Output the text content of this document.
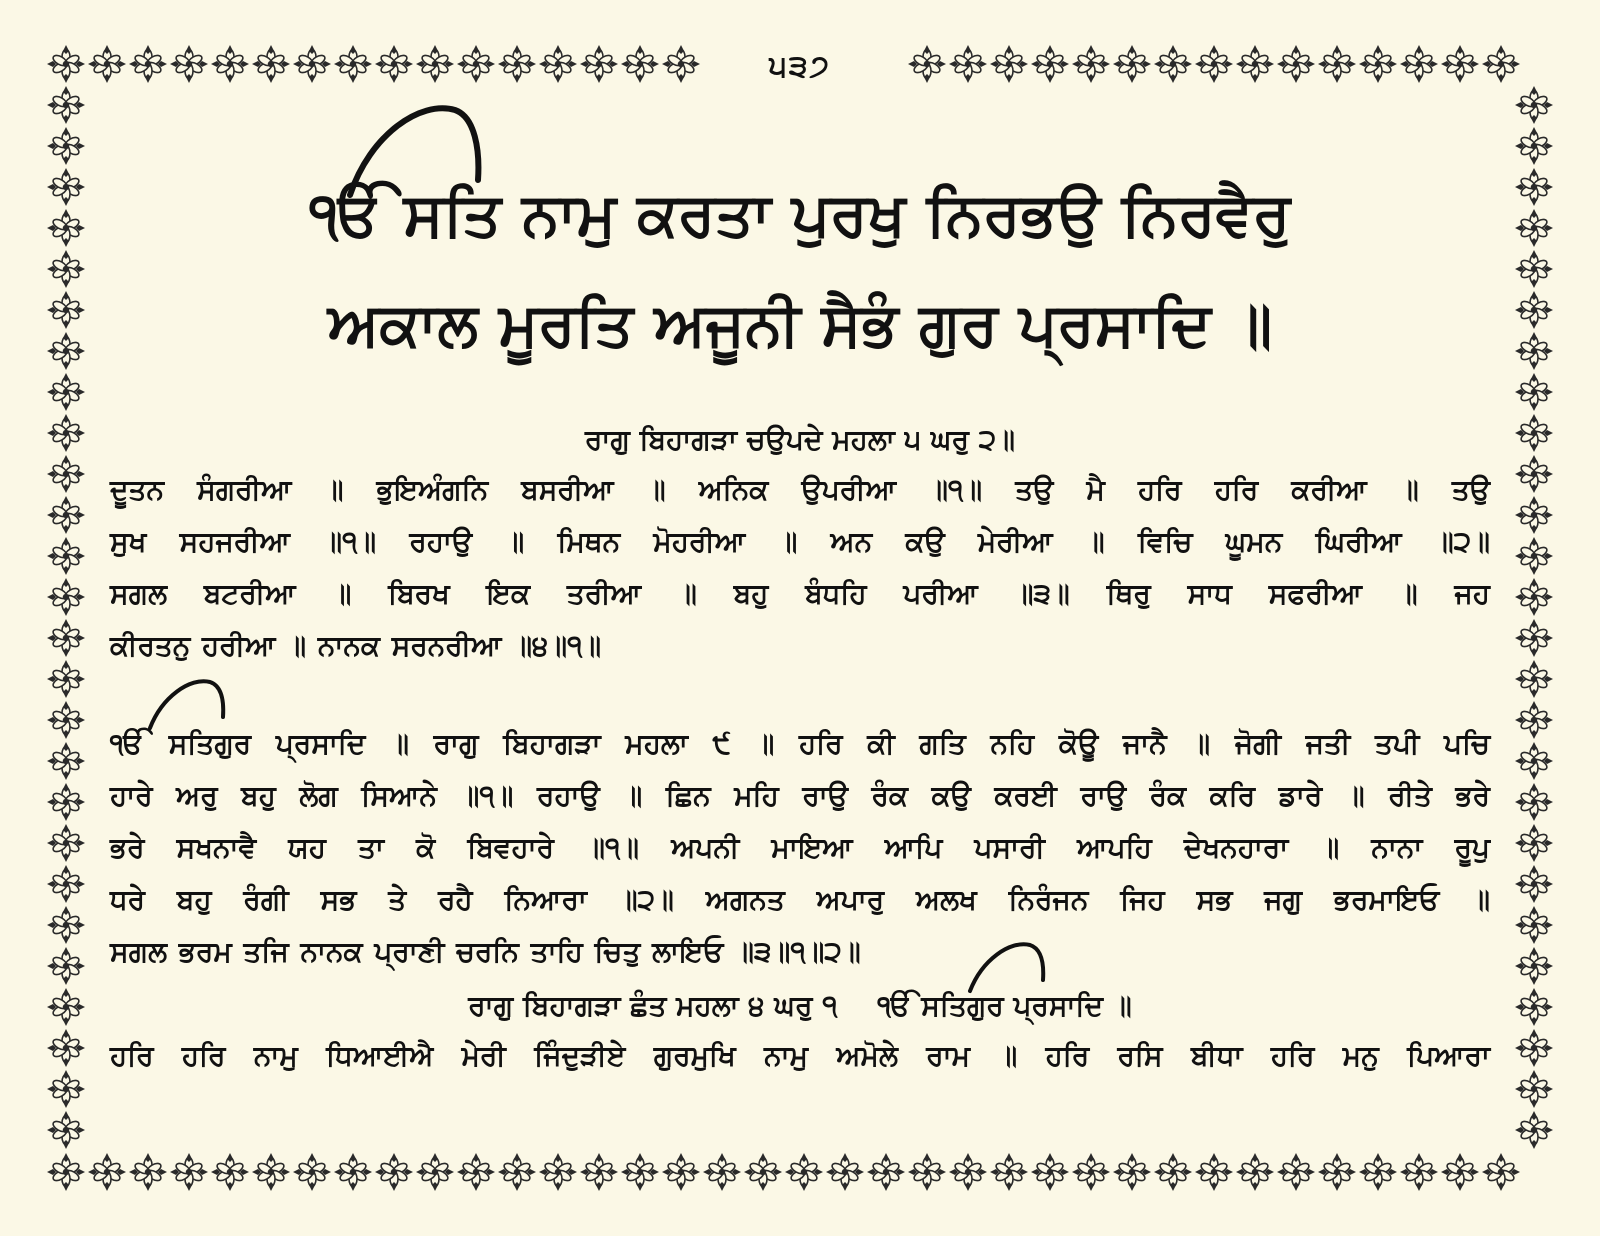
੫੩੭
ੴ ਸਤਿ ਨਾਮੁ ਕਰਤਾ ਪੁਰਖੁ ਨਿਰਭਉ ਨਿਰਵੈਰੁ
ਅਕਾਲ ਮੂਰਤਿ ਅਜੂਨੀ ਸੈਭੰ ਗੁਰ ਪ੍ਰਸਾਦਿ ॥
ਰਾਗੁ ਬਿਹਾਗੜਾ ਚਉਪਦੇ ਮਹਲਾ ੫ ਘਰੁ ੨॥
ਦੂਤਨ ਸੰਗਰੀਆ ॥ ਭੁਇਅੰਗਨਿ ਬਸਰੀਆ ॥ ਅਨਿਕ ਉਪਰੀਆ ॥੧॥ ਤਉ ਮੈ ਹਰਿ ਹਰਿ ਕਰੀਆ ॥ ਤਉ
ਸੁਖ ਸਹਜਰੀਆ ॥੧॥ ਰਹਾਉ ॥ ਮਿਥਨ ਮੋਹਰੀਆ ॥ ਅਨ ਕਉ ਮੇਰੀਆ ॥ ਵਿਚਿ ਘੂਮਨ ਘਿਰੀਆ ॥੨॥
ਸਗਲ ਬਟਰੀਆ ॥ ਬਿਰਖ ਇਕ ਤਰੀਆ ॥ ਬਹੁ ਬੰਧਹਿ ਪਰੀਆ ॥੩॥ ਥਿਰੁ ਸਾਧ ਸਫਰੀਆ ॥ ਜਹ
ਕੀਰਤਨੁ ਹਰੀਆ ॥ ਨਾਨਕ ਸਰਨਰੀਆ ॥੪॥੧॥
ੴ ਸਤਿਗੁਰ ਪ੍ਰਸਾਦਿ ॥ ਰਾਗੁ ਬਿਹਾਗੜਾ ਮਹਲਾ ੯ ॥ ਹਰਿ ਕੀ ਗਤਿ ਨਹਿ ਕੋਊ ਜਾਨੈ ॥ ਜੋਗੀ ਜਤੀ ਤਪੀ ਪਚਿ
ਹਾਰੇ ਅਰੁ ਬਹੁ ਲੋਗ ਸਿਆਨੇ ॥੧॥ ਰਹਾਉ ॥ ਛਿਨ ਮਹਿ ਰਾਉ ਰੰਕ ਕਉ ਕਰਈ ਰਾਉ ਰੰਕ ਕਰਿ ਡਾਰੇ ॥ ਰੀਤੇ ਭਰੇ
ਭਰੇ ਸਖਨਾਵੈ ਯਹ ਤਾ ਕੋ ਬਿਵਹਾਰੇ ॥੧॥ ਅਪਨੀ ਮਾਇਆ ਆਪਿ ਪਸਾਰੀ ਆਪਹਿ ਦੇਖਨਹਾਰਾ ॥ ਨਾਨਾ ਰੂਪੁ
ਧਰੇ ਬਹੁ ਰੰਗੀ ਸਭ ਤੇ ਰਹੈ ਨਿਆਰਾ ॥੨॥ ਅਗਨਤ ਅਪਾਰੁ ਅਲਖ ਨਿਰੰਜਨ ਜਿਹ ਸਭ ਜਗੁ ਭਰਮਾਇਓ ॥
ਸਗਲ ਭਰਮ ਤਜਿ ਨਾਨਕ ਪ੍ਰਾਣੀ ਚਰਨਿ ਤਾਹਿ ਚਿਤੁ ਲਾਇਓ ॥੩॥੧॥੨॥
ਰਾਗੁ ਬਿਹਾਗੜਾ ਛੰਤ ਮਹਲਾ ੪ ਘਰੁ ੧ ੴ ਸਤਿਗੁਰ ਪ੍ਰਸਾਦਿ ॥
ਹਰਿ ਹਰਿ ਨਾਮੁ ਧਿਆਈਐ ਮੇਰੀ ਜਿੰਦੁੜੀਏ ਗੁਰਮੁਖਿ ਨਾਮੁ ਅਮੋਲੇ ਰਾਮ ॥ ਹਰਿ ਰਸਿ ਬੀਧਾ ਹਰਿ ਮਨੁ ਪਿਆਰਾ
